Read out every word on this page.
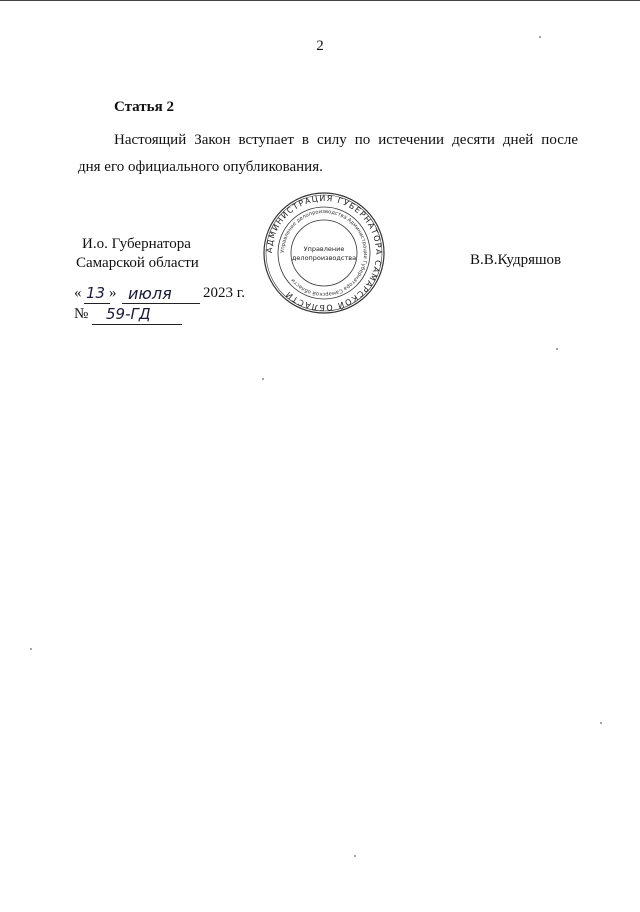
2
Статья 2
Настоящий Закон вступает в силу по истечении десяти дней после
дня его официального опубликования.
И.о. Губернатора
Самарской области
АДМИНИСТРАЦИЯ ГУБЕРНАТОРА САМАРСКОЙ ОБЛАСТИ
Управление делопроизводства Администрации Губернатора Самарской области
Управление
делопроизводства	В.В.Кудряшов
« 13 » июля 2023 г.
№ 59-ГД
